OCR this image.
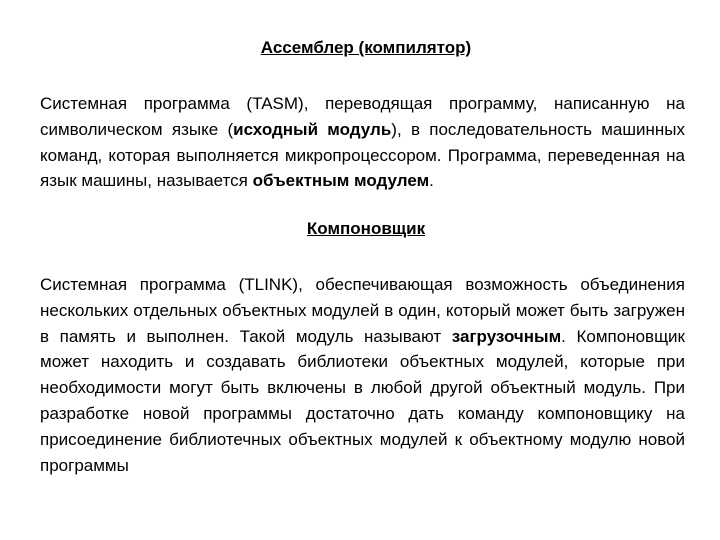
Ассемблер (компилятор)

Системная программа (TASM), переводящая программу, написанную на символическом языке (исходный модуль), в последовательность машинных команд, которая выполняется микропроцессором. Программа, переведенная на язык машины, называется объектным модулем.

Компоновщик

Системная программа (TLINK), обеспечивающая возможность объединения нескольких отдельных объектных модулей в один, который может быть загружен в память и выполнен. Такой модуль называют загрузочным. Компоновщик может находить и создавать библиотеки объектных модулей, которые при необходимости могут быть включены в любой другой объектный модуль. При разработке новой программы достаточно дать команду компоновщику на присоединение библиотечных объектных модулей к объектному модулю новой программы
